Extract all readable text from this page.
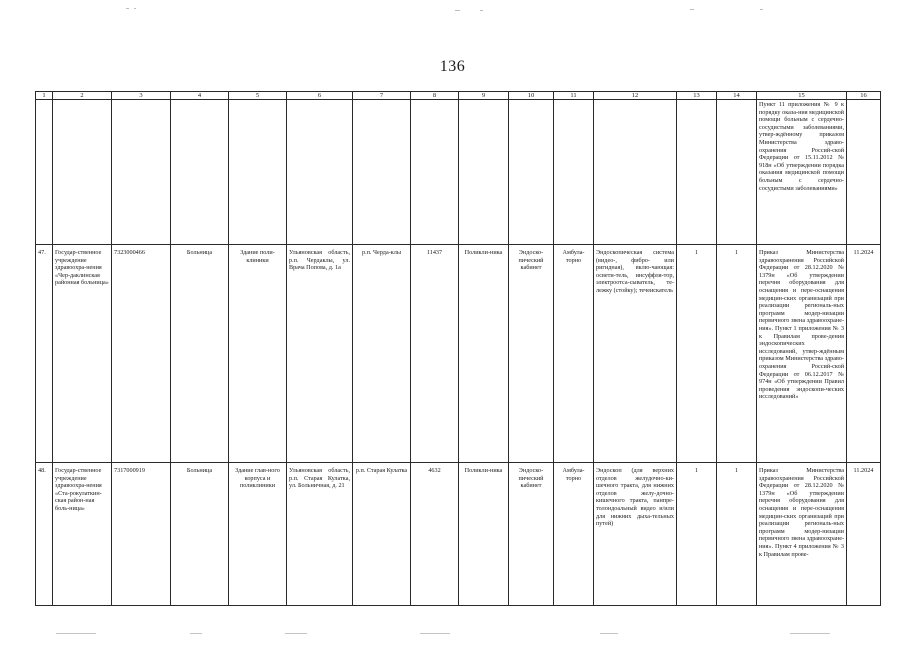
136
1	2	3	4	5	6	7	8	9	10	11	12	13	14	15	16
														Пункт 11 приложения № 9 к порядку оказа-ния медицинской помощи больным с сердечно-сосудистыми заболеваниями, утвер-ждённому приказом Министерства здраво-охранения Россий-ской Федерации от 15.11.2012 № 918н «Об утверждении порядка оказания медицинской помощи больным с сердечно-сосудистыми заболеваниями»	
47.	Государ-ственное учреждение здравоохра-нения «Чер-даклинская районная больница»	7323000466	Больница	Здание поли-клиники	Ульяновская область, р.п. Чердаклы, ул. Врача Попова, д. 1а	р.п. Черда-клы	11437	Поликли-ника	Эндоско-пический кабинет	Амбула-торно	Эндоскопическая система (видео-, фибро- или ригидная), вклю-чающая: освети-тель, инсуффля-тор, электроотса-сыватель, те-лежку (стойку); течеискатель	1	1	Приказ Министерства здравоохранения Российской Федерации от 28.12.2020 № 1379н «Об утверждении перечня оборудования для оснащения и пере-оснащения медицин-ских организаций при реализации региональ-ных программ модер-низации первичного звена здравоохране-ния». Пункт 1 приложения № 3 к Правилам прове-дения эндоскопических исследований, утвер-ждённым приказом Министерства здраво-охранения Россий-ской Федерации от 06.12.2017 № 974н «Об утверждении Правил проведения эндоскопи-ческих исследований»	11.2024
48.	Государ-ственное учреждение здравоохра-нения «Ста-рокулаткин-ская район-ная боль-ница»	7317000919	Больница	Здание глав-ного корпуса и поликлиники	Ульяновская область, р.п. Старая Кулатка, ул. Больничная, д. 21	р.п. Старая Кулатка	4632	Поликли-ника	Эндоско-пический кабинет	Амбула-торно	Эндоскоп (для верхних отделов желудочно-ки-шечного тракта, для нижних отделов желу-дочно-кишечного тракта, панпре-толондоальный видео и/или для нижних дыха-тельных путей)	1	1	Приказ Министерства здравоохранения Российской Федерации от 28.12.2020 № 1379н «Об утверждении перечня оборудования для оснащения и пере-оснащения медицин-ских организаций при реализации региональ-ных программ модер-низации первичного звена здравоохране-ния». Пункт 4 приложения № 3 к Правилам прове-	11.2024
